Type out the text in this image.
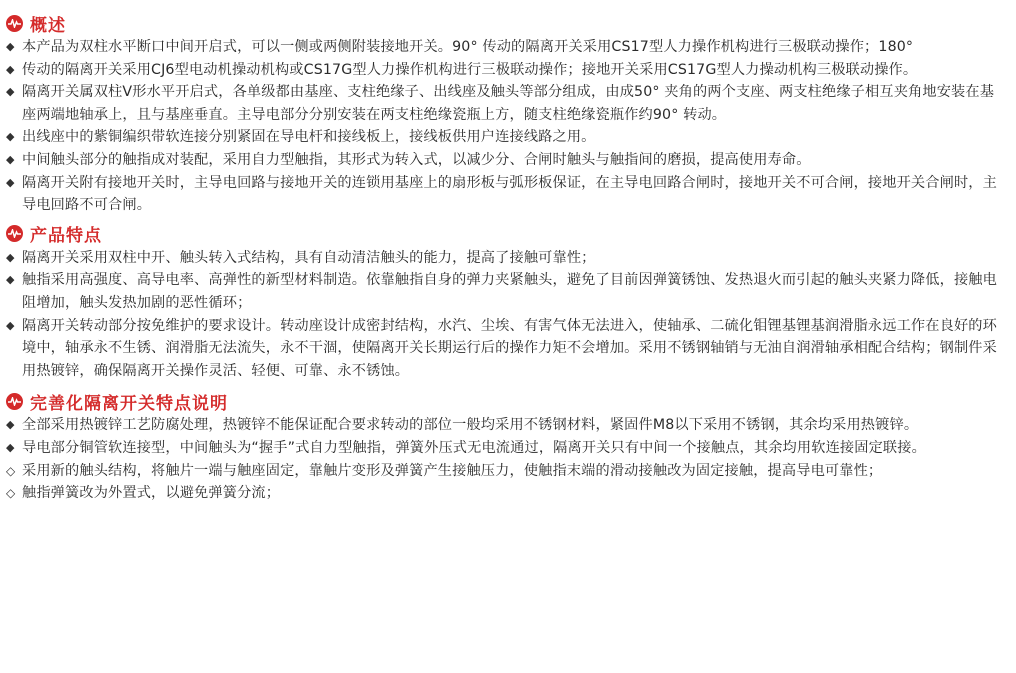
概述
◆ 本产品为双柱水平断口中间开启式，可以一侧或两侧附装接地开关。90° 传动的隔离开关采用CS17型人力操作机构进行三极联动操作；180°
◆ 传动的隔离开关采用CJ6型电动机操动机构或CS17G型人力操作机构进行三极联动操作；接地开关采用CS17G型人力操动机构三极联动操作。
◆ 隔离开关属双柱V形水平开启式，各单级都由基座、支柱绝缘子、出线座及触头等部分组成，由成50° 夹角的两个支座、两支柱绝缘子相互夹角地安装在基座两端地轴承上，且与基座垂直。主导电部分分别安装在两支柱绝缘瓷瓶上方，随支柱绝缘瓷瓶作约90° 转动。
◆ 出线座中的紫铜编织带软连接分别紧固在导电杆和接线板上，接线板供用户连接线路之用。
◆ 中间触头部分的触指成对装配，采用自力型触指，其形式为转入式，以减少分、合闸时触头与触指间的磨损，提高使用寿命。
◆ 隔离开关附有接地开关时，主导电回路与接地开关的连锁用基座上的扇形板与弧形板保证，在主导电回路合闸时，接地开关不可合闸，接地开关合闸时，主导电回路不可合闸。
产品特点
◆ 隔离开关采用双柱中开、触头转入式结构，具有自动清洁触头的能力，提高了接触可靠性；
◆ 触指采用高强度、高导电率、高弹性的新型材料制造。依靠触指自身的弹力夹紧触头，避免了目前因弹簧锈蚀、发热退火而引起的触头夹紧力降低，接触电阻增加，触头发热加剧的恶性循环；
◆ 隔离开关转动部分按免维护的要求设计。转动座设计成密封结构，水汽、尘埃、有害气体无法进入，使轴承、二硫化钼锂基锂基润滑脂永远工作在良好的环境中，轴承永不生锈、润滑脂无法流失，永不干涸，使隔离开关长期运行后的操作力矩不会增加。采用不锈钢轴销与无油自润滑轴承相配合结构；钢制件采用热镀锌，确保隔离开关操作灵活、轻便、可靠、永不锈蚀。
完善化隔离开关特点说明
◆ 全部采用热镀锌工艺防腐处理，热镀锌不能保证配合要求转动的部位一般均采用不锈钢材料，紧固件M8以下采用不锈钢，其余均采用热镀锌。
◆ 导电部分铜管软连接型，中间触头为“握手”式自力型触指，弹簧外压式无电流通过，隔离开关只有中间一个接触点，其余均用软连接固定联接。
◇ 采用新的触头结构，将触片一端与触座固定，靠触片变形及弹簧产生接触压力，使触指末端的滑动接触改为固定接触，提高导电可靠性；
◇ 触指弹簧改为外置式，以避免弹簧分流；
